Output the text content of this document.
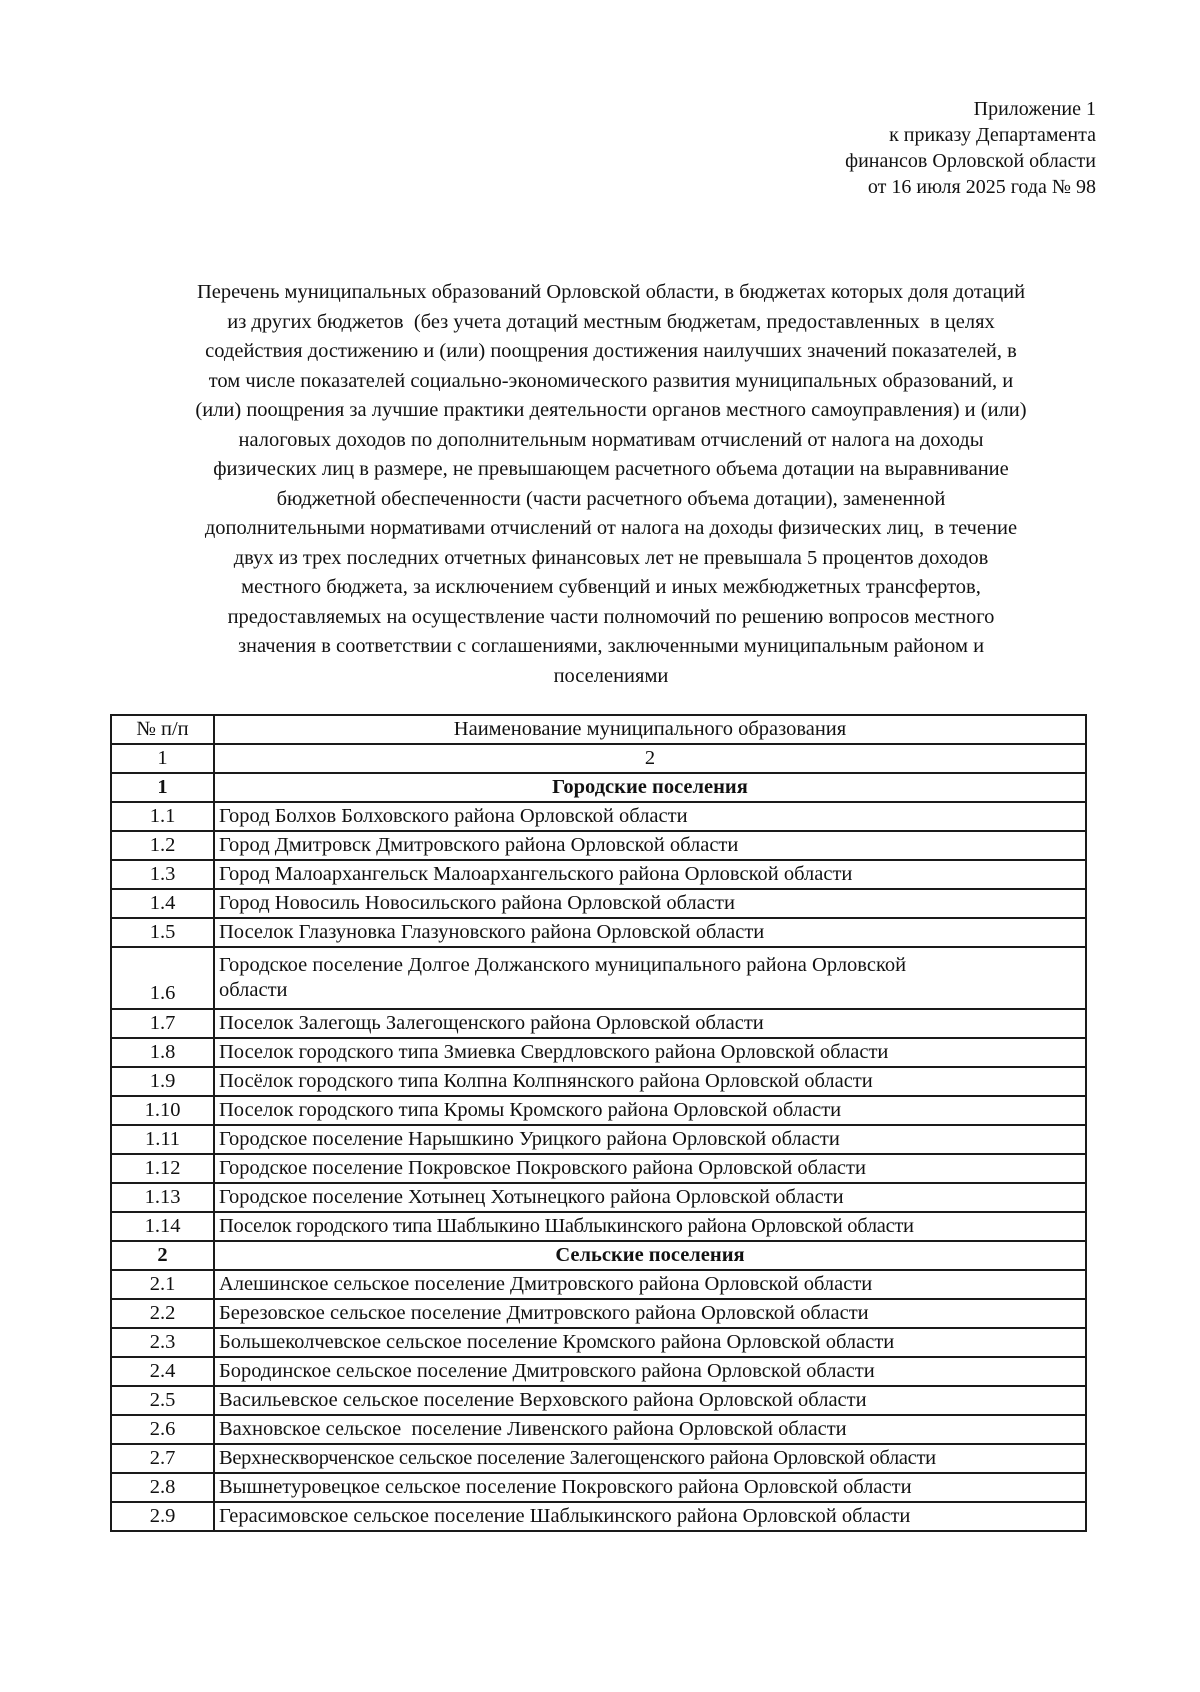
Приложение 1
к приказу Департамента
финансов Орловской области
от 16 июля 2025 года № 98
Перечень муниципальных образований Орловской области, в бюджетах которых доля дотаций
из других бюджетов  (без учета дотаций местным бюджетам, предоставленных  в целях
содействия достижению и (или) поощрения достижения наилучших значений показателей, в
том числе показателей социально-экономического развития муниципальных образований, и
(или) поощрения за лучшие практики деятельности органов местного самоуправления) и (или)
налоговых доходов по дополнительным нормативам отчислений от налога на доходы
физических лиц в размере, не превышающем расчетного объема дотации на выравнивание
бюджетной обеспеченности (части расчетного объема дотации), замененной
дополнительными нормативами отчислений от налога на доходы физических лиц,  в течение
двух из трех последних отчетных финансовых лет не превышала 5 процентов доходов
местного бюджета, за исключением субвенций и иных межбюджетных трансфертов,
предоставляемых на осуществление части полномочий по решению вопросов местного
значения в соответствии с соглашениями, заключенными муниципальным районом и
поселениями
№ п/п	Наименование муниципального образования
1	2
1	Городские поселения
1.1	Город Болхов Болховского района Орловской области
1.2	Город Дмитровск Дмитровского района Орловской области
1.3	Город Малоархангельск Малоархангельского района Орловской области
1.4	Город Новосиль Новосильского района Орловской области
1.5	Поселок Глазуновка Глазуновского района Орловской области
1.6	Городское поселение Долгое Должанского муниципального района Орловской области
1.7	Поселок Залегощь Залегощенского района Орловской области
1.8	Поселок городского типа Змиевка Свердловского района Орловской области
1.9	Посёлок городского типа Колпна Колпнянского района Орловской области
1.10	Поселок городского типа Кромы Кромского района Орловской области
1.11	Городское поселение Нарышкино Урицкого района Орловской области
1.12	Городское поселение Покровское Покровского района Орловской области
1.13	Городское поселение Хотынец Хотынецкого района Орловской области
1.14	Поселок городского типа Шаблыкино Шаблыкинского района Орловской области
2	Сельские поселения
2.1	Алешинское сельское поселение Дмитровского района Орловской области
2.2	Березовское сельское поселение Дмитровского района Орловской области
2.3	Большеколчевское сельское поселение Кромского района Орловской области
2.4	Бородинское сельское поселение Дмитровского района Орловской области
2.5	Васильевское сельское поселение Верховского района Орловской области
2.6	Вахновское сельское  поселение Ливенского района Орловской области
2.7	Верхнескворченское сельское поселение Залегощенского района Орловской области
2.8	Вышнетуровецкое сельское поселение Покровского района Орловской области
2.9	Герасимовское сельское поселение Шаблыкинского района Орловской области
